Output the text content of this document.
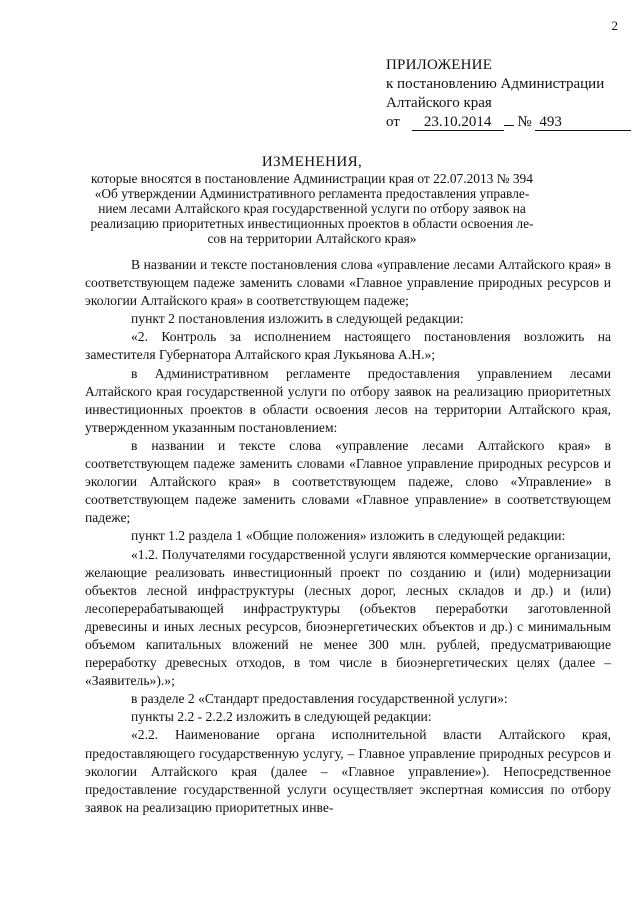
2
ПРИЛОЖЕНИЕ
к постановлению Администрации
Алтайского края
от 23.10.2014 № 493
ИЗМЕНЕНИЯ,
которые вносятся в постановление Администрации края от 22.07.2013 № 394
«Об утверждении Административного регламента предоставления управле-
нием лесами Алтайского края государственной услуги по отбору заявок на
реализацию приоритетных инвестиционных проектов в области освоения ле-
сов на территории Алтайского края»

В названии и тексте постановления слова «управление лесами Алтайского края» в соответствующем падеже заменить словами «Главное управление природных ресурсов и экологии Алтайского края» в соответствующем падеже;

пункт 2 постановления изложить в следующей редакции:

«2. Контроль за исполнением настоящего постановления возложить на заместителя Губернатора Алтайского края Лукьянова А.Н.»;

в Административном регламенте предоставления управлением лесами Алтайского края государственной услуги по отбору заявок на реализацию приоритетных инвестиционных проектов в области освоения лесов на территории Алтайского края, утвержденном указанным постановлением:

в названии и тексте слова «управление лесами Алтайского края» в соответствующем падеже заменить словами «Главное управление природных ресурсов и экологии Алтайского края» в соответствующем падеже, слово «Управление» в соответствующем падеже заменить словами «Главное управление» в соответствующем падеже;

пункт 1.2 раздела 1 «Общие положения» изложить в следующей редакции:

«1.2. Получателями государственной услуги являются коммерческие организации, желающие реализовать инвестиционный проект по созданию и (или) модернизации объектов лесной инфраструктуры (лесных дорог, лесных складов и др.) и (или) лесоперерабатывающей инфраструктуры (объектов переработки заготовленной древесины и иных лесных ресурсов, биоэнергетических объектов и др.) с минимальным объемом капитальных вложений не менее 300 млн. рублей, предусматривающие переработку древесных отходов, в том числе в биоэнергетических целях (далее – «Заявитель»).»;

в разделе 2 «Стандарт предоставления государственной услуги»:

пункты 2.2 - 2.2.2 изложить в следующей редакции:

«2.2. Наименование органа исполнительной власти Алтайского края, предоставляющего государственную услугу, – Главное управление природных ресурсов и экологии Алтайского края (далее – «Главное управление»). Непосредственное предоставление государственной услуги осуществляет экспертная комиссия по отбору заявок на реализацию приоритетных инве-
